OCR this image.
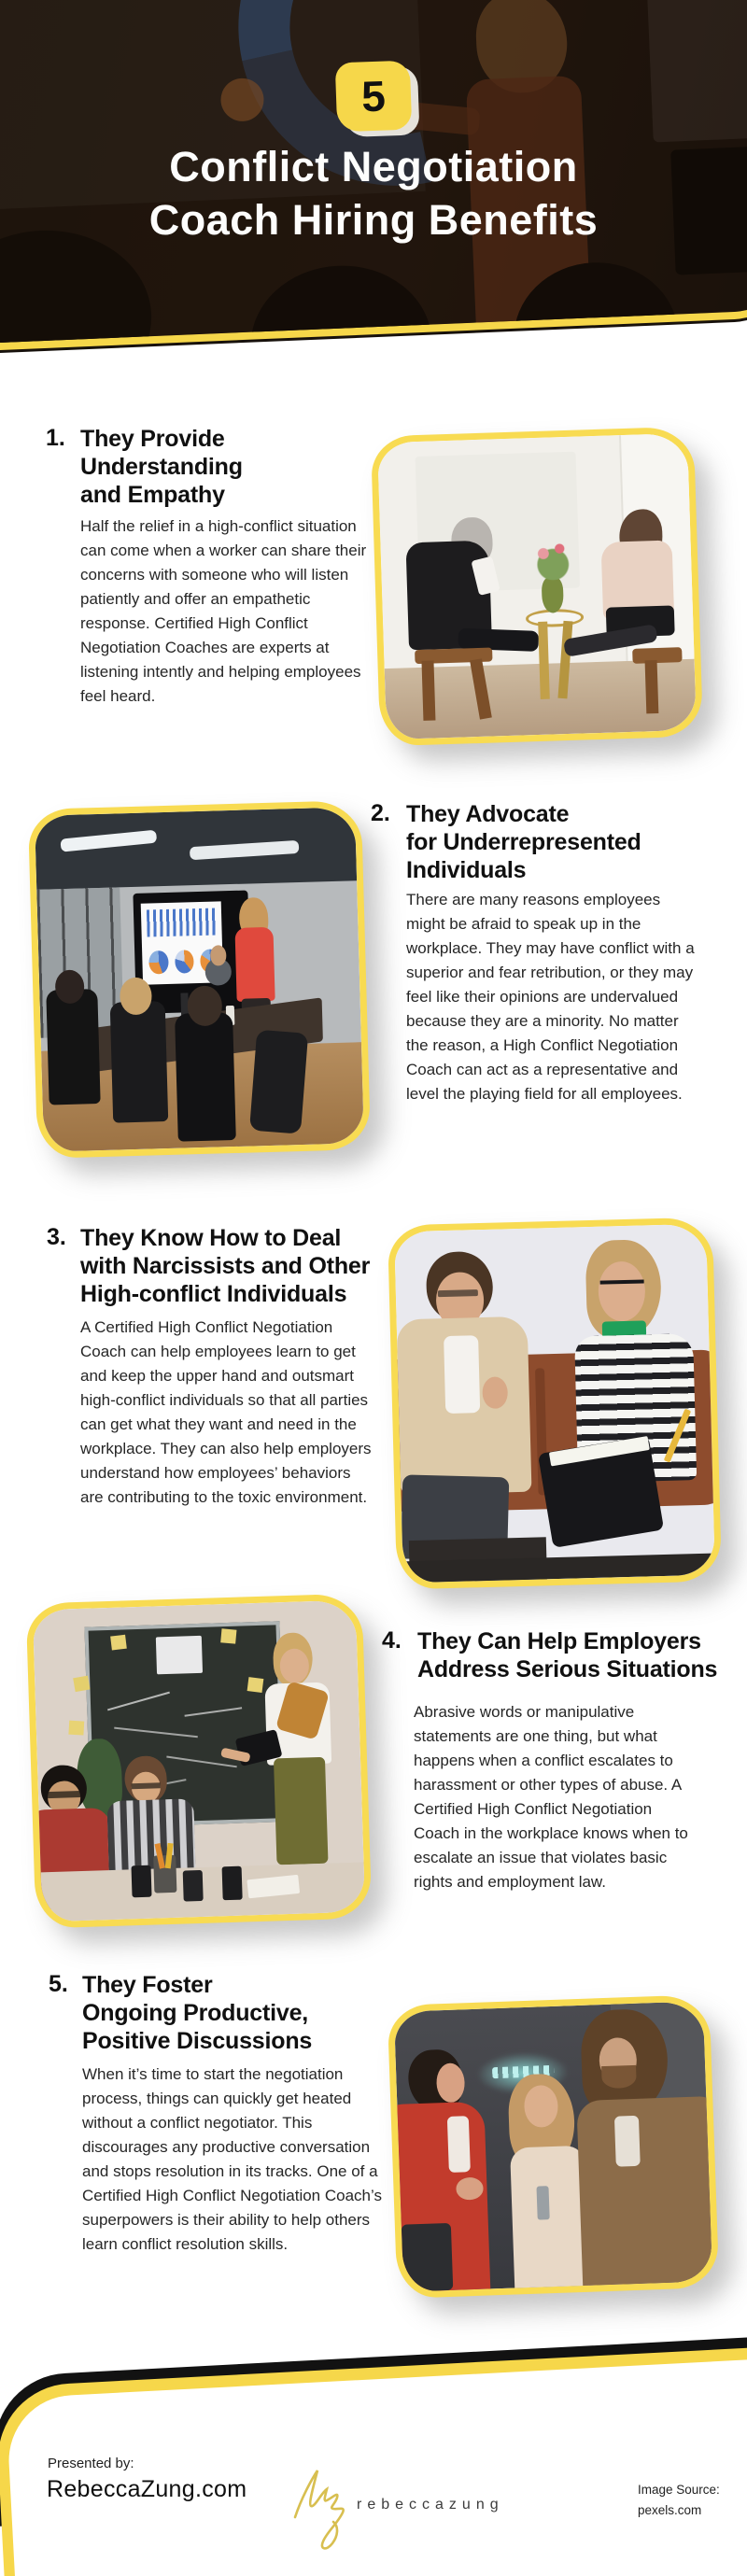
5
Conflict Negotiation
Coach Hiring Benefits
1. They Provide
Understanding
and Empathy
Half the relief in a high-conflict situation can come when a worker can share their concerns with someone who will listen patiently and offer an empathetic response. Certified High Conflict Negotiation Coaches are experts at listening intently and helping employees feel heard.
2. They Advocate
for Underrepresented
Individuals
There are many reasons employees might be afraid to speak up in the workplace. They may have conflict with a superior and fear retribution, or they may feel like their opinions are undervalued because they are a minority. No matter the reason, a High Conflict Negotiation Coach can act as a representative and level the playing field for all employees.
3. They Know How to Deal
with Narcissists and Other
High-conflict Individuals
A Certified High Conflict Negotiation Coach can help employees learn to get and keep the upper hand and outsmart high-conflict individuals so that all parties can get what they want and need in the workplace. They can also help employers understand how employees’ behaviors are contributing to the toxic environment.
4. They Can Help Employers
Address Serious Situations
Abrasive words or manipulative statements are one thing, but what happens when a conflict escalates to harassment or other types of abuse. A Certified High Conflict Negotiation Coach in the workplace knows when to escalate an issue that violates basic rights and employment law.
5. They Foster
Ongoing Productive,
Positive Discussions
When it’s time to start the negotiation process, things can quickly get heated without a conflict negotiator. This discourages any productive conversation and stops resolution in its tracks. One of a Certified High Conflict Negotiation Coach’s superpowers is their ability to help others learn conflict resolution skills.
Presented by:
RebeccaZung.com
rebeccazung
Image Source:
pexels.com
